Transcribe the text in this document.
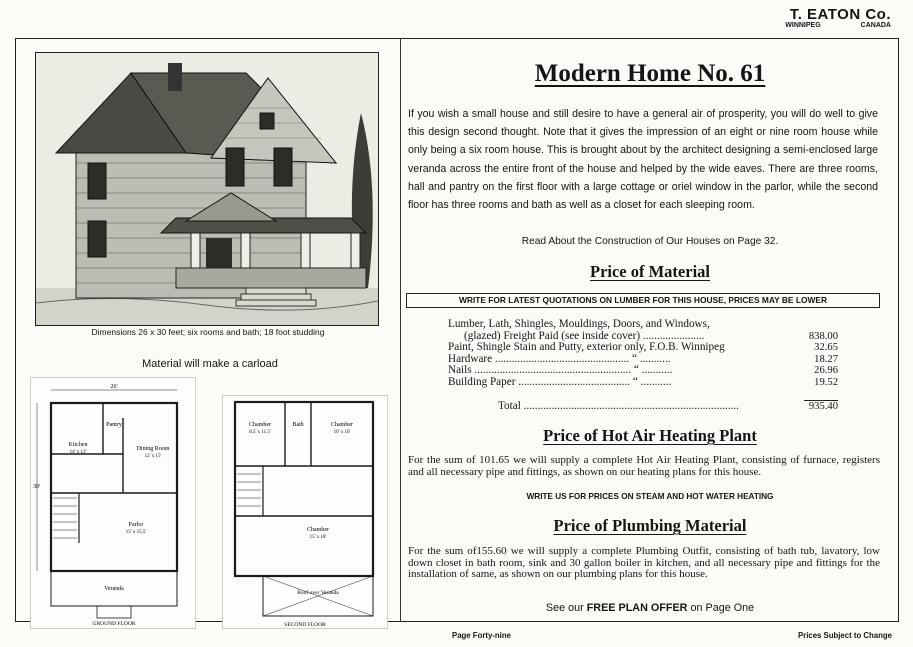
T. EATON Co.
WINNIPEG	CANADA
Dimensions 26 x 30 feet; six rooms and bath; 18 foot studding
Material will make a carload
26'
30'
Pantry
Kitchen
14' x 13'
Dining Room
12' x 15'
Parlor
15' x 15.5'
Veranda
GROUND FLOOR
Chamber
8.5' x 11.5'
Bath	Chamber
10' x 10'
Chamber
15' x 18'
Roof over Veranda
SECOND FLOOR
Modern Home No. 61
If you wish a small house and still desire to have a general air of prosperity, you will do well to give this design second thought. Note that it gives the impression of an eight or nine room house while only being a six room house. This is brought about by the architect designing a semi-enclosed large veranda across the entire front of the house and helped by the wide eaves. There are three rooms, hall and pantry on the first floor with a large cottage or oriel window in the parlor, while the second floor has three rooms and bath as well as a closet for each sleeping room.
Read About the Construction of Our Houses on Page 32.
Price of Material
WRITE FOR LATEST QUOTATIONS ON LUMBER FOR THIS HOUSE, PRICES MAY BE LOWER
Lumber, Lath, Shingles, Mouldings, Doors, and Windows,
(glazed) Freight Paid (see inside cover) ......................	838.00
Paint, Shingle Stain and Putty, exterior only, F.O.B. Winnipeg	32.65
Hardware ................................................ “ ...........	18.27
Nails ........................................................ “ ...........	26.96
Building Paper ........................................ “ ...........	19.52
Total .............................................................................	935.40
Price of Hot Air Heating Plant
For the sum of 101.65 we will supply a complete Hot Air Heating Plant, consisting of furnace, registers and all necessary pipe and fittings, as shown on our heating plans for this house.
WRITE US FOR PRICES ON STEAM AND HOT WATER HEATING
Price of Plumbing Material
For the sum of155.60 we will supply a complete Plumbing Outfit, consisting of bath tub, lavatory, low down closet in bath room, sink and 30 gallon boiler in kitchen, and all necessary pipe and fittings for the installation of same, as shown on our plumbing plans for this house.
See our FREE PLAN OFFER on Page One
Page Forty-nine	Prices Subject to Change
